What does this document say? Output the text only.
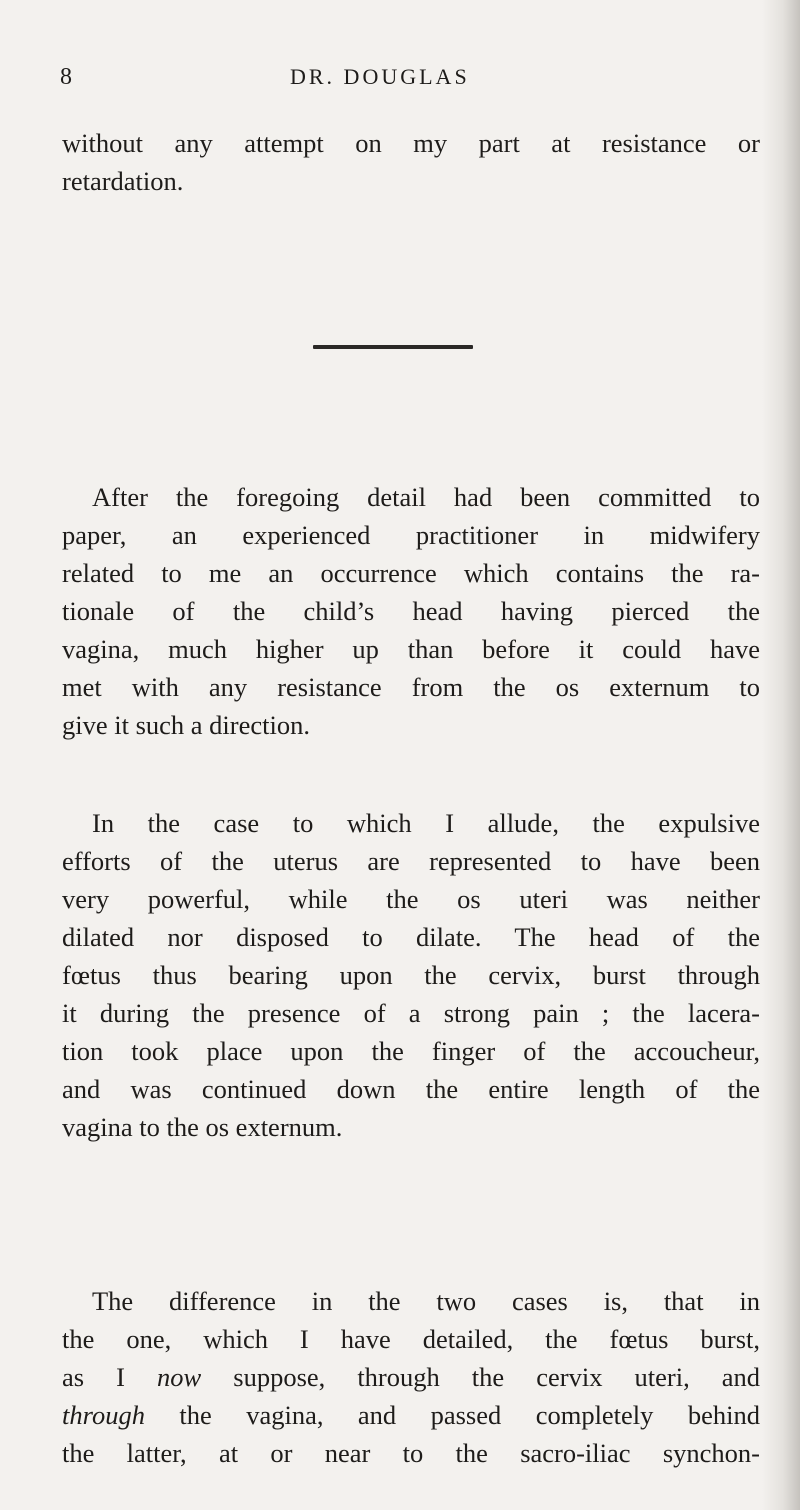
8	DR. DOUGLAS

without any attempt on my part at resistance or
retardation.

After the foregoing detail had been committed to
paper, an experienced practitioner in midwifery
related to me an occurrence which contains the ra-
tionale of the child’s head having pierced the
vagina, much higher up than before it could have
met with any resistance from the os externum to
give it such a direction.

In the case to which I allude, the expulsive
efforts of the uterus are represented to have been
very powerful, while the os uteri was neither
dilated nor disposed to dilate. The head of the
fœtus thus bearing upon the cervix, burst through
it during the presence of a strong pain ; the lacera-
tion took place upon the finger of the accoucheur,
and was continued down the entire length of the
vagina to the os externum.

The difference in the two cases is, that in
the one, which I have detailed, the fœtus burst,
as I now suppose, through the cervix uteri, and
through the vagina, and passed completely behind
the latter, at or near to the sacro-iliac synchon-
